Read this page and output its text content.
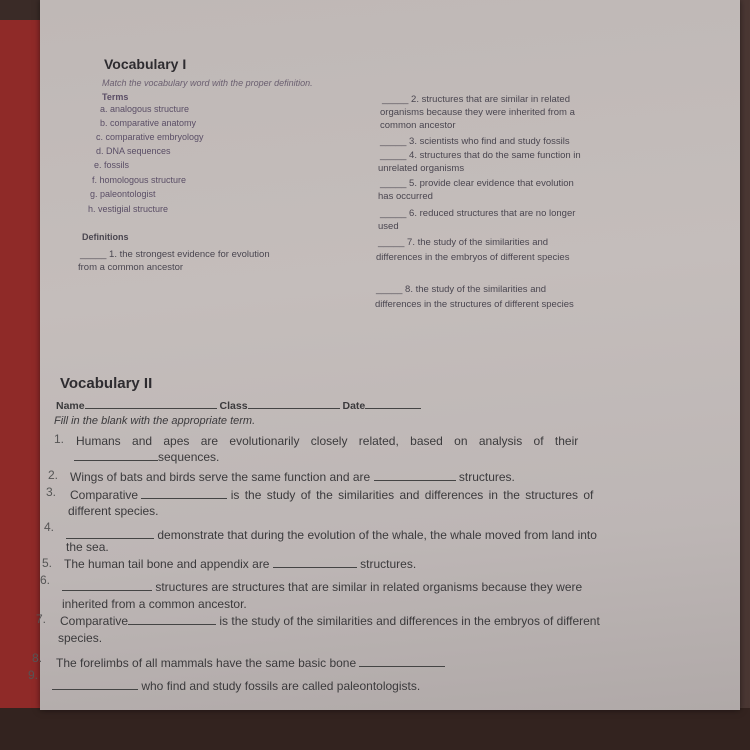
Vocabulary I
Match the vocabulary word with the proper definition.
Terms
a. analogous structure
b. comparative anatomy
c. comparative embryology
d. DNA sequences
e. fossils
f. homologous structure
g. paleontologist
h. vestigial structure
Definitions
_____ 1. the strongest evidence for evolution
from a common ancestor
_____ 2. structures that are similar in related
organisms because they were inherited from a
common ancestor
_____ 3. scientists who find and study fossils
_____ 4. structures that do the same function in
unrelated organisms
_____ 5. provide clear evidence that evolution
has occurred
_____ 6. reduced structures that are no longer
used
_____ 7. the study of the similarities and
differences in the embryos of different species
_____ 8. the study of the similarities and
differences in the structures of different species
Vocabulary II
Name	Class	Date
Fill in the blank with the appropriate term.
1. Humans and apes are evolutionarily closely related, based on analysis of their
sequences.
2. Wings of bats and birds serve the same function and are	structures.
3. Comparative	is the study of the similarities and differences in the structures of
different species.
4.
demonstrate that during the evolution of the whale, the whale moved from land into
the sea.
5. The human tail bone and appendix are	structures.
6.	structures are structures that are similar in related organisms because they were
inherited from a common ancestor.
7. Comparative	is the study of the similarities and differences in the embryos of different
species.
8. The forelimbs of all mammals have the same basic bone
9.
who find and study fossils are called paleontologists.
